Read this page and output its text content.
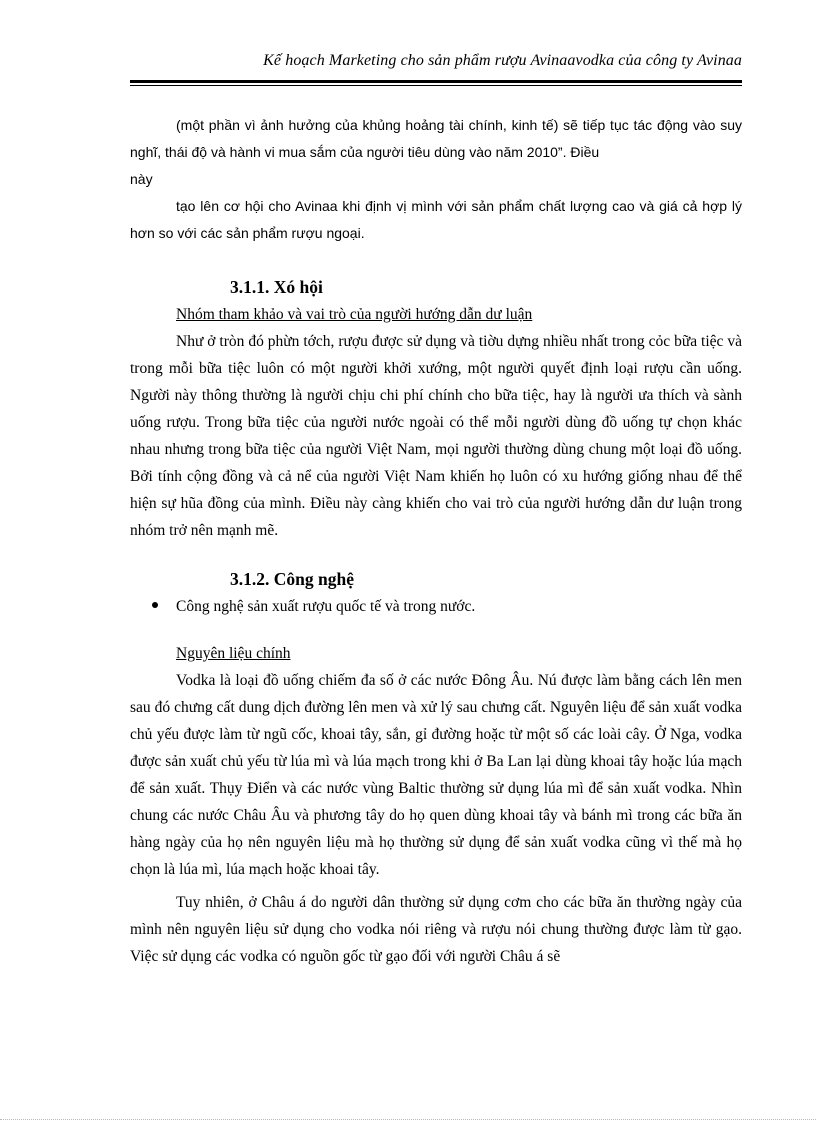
Kế hoạch Marketing cho sản phẩm rượu Avinaavodka của công ty Avinaa

(một phần vì ảnh hưởng của khủng hoảng tài chính, kinh tế) sẽ tiếp tục tác động vào suy nghĩ, thái độ và hành vi mua sắm của người tiêu dùng vào năm 2010”. Điều

này

tạo lên cơ hội cho Avinaa khi định vị mình với sản phẩm chất lượng cao và giá cả hợp lý hơn so với các sản phẩm rượu ngoại.

3.1.1. Xó hội
Nhóm tham khảo và vai trò của người hướng dẫn dư luận

Như ở tròn đó phừn tớch, rượu được sử dụng và tiờu dựng nhiều nhất trong cỏc bữa tiệc và trong mỗi bữa tiệc luôn có một người khởi xướng, một người quyết định loại rượu cần uống. Người này thông thường là người chịu chi phí chính cho bữa tiệc, hay là người ưa thích và sành uống rượu. Trong bữa tiệc của người nước ngoài có thể mỗi người dùng đồ uống tự chọn khác nhau nhưng trong bữa tiệc của người Việt Nam, mọi người thường dùng chung một loại đồ uống. Bởi tính cộng đồng và cả nể của người Việt Nam khiến họ luôn có xu hướng giống nhau để thể hiện sự hũa đồng của mình. Điều này càng khiến cho vai trò của người hướng dẫn dư luận trong nhóm trở nên mạnh mẽ.

3.1.2. Công nghệ
Công nghệ sản xuất rượu quốc tế và trong nước.
Nguyên liệu chính

Vodka là loại đồ uống chiếm đa số ở các nước Đông Âu. Nú được làm bằng cách lên men sau đó chưng cất dung dịch đường lên men và xử lý sau chưng cất. Nguyên liệu để sản xuất vodka chủ yếu được làm từ ngũ cốc, khoai tây, sắn, gỉ đường hoặc từ một số các loài cây. Ở Nga, vodka được sản xuất chủ yếu từ lúa mì và lúa mạch trong khi ở Ba Lan lại dùng khoai tây hoặc lúa mạch để sản xuất. Thụy Điển và các nước vùng Baltic thường sử dụng lúa mì để sản xuất vodka. Nhìn chung các nước Châu Âu và phương tây do họ quen dùng khoai tây và bánh mì trong các bữa ăn hàng ngày của họ nên nguyên liệu mà họ thường sử dụng để sản xuất vodka cũng vì thế mà họ chọn là lúa mì, lúa mạch hoặc khoai tây.

Tuy nhiên, ở Châu á do người dân thường sử dụng cơm cho các bữa ăn thường ngày của mình nên nguyên liệu sử dụng cho vodka nói riêng và rượu nói chung thường được làm từ gạo. Việc sử dụng các vodka có nguồn gốc từ gạo đối với người Châu á sẽ
